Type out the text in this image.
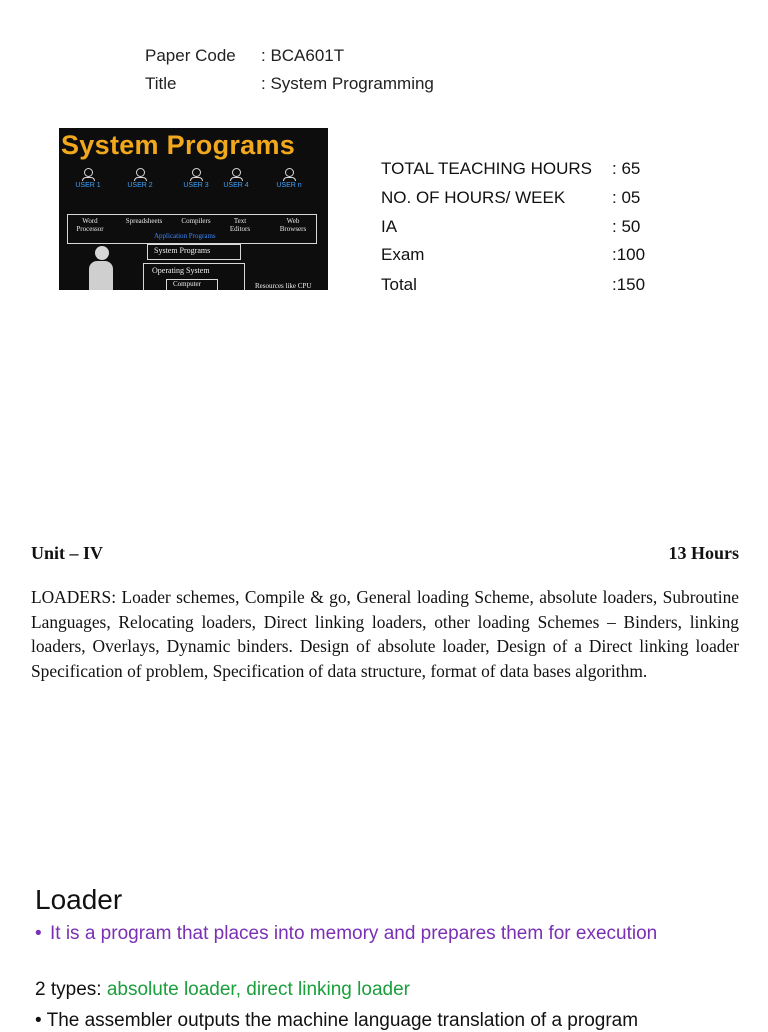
Paper Code : BCA601T
Title	: System Programming
System Programs
USER 1	USER 2	USER 3	USER 4	USER n
Word Processor
Spreadsheets	Compilers	Text Editors
Web Browsers
Application Programs
System Programs
Operating System
Computer	Resources like CPU
TOTAL TEACHING HOURS : 65
NO. OF HOURS/ WEEK	: 05
IA	: 50
Exam	:100
Total	:150
Unit – IV	13 Hours
LOADERS: Loader schemes, Compile & go, General loading Scheme, absolute loaders, Subroutine Languages, Relocating loaders, Direct linking loaders, other loading Schemes – Binders, linking loaders, Overlays, Dynamic binders. Design of absolute loader, Design of a Direct linking loader Specification of problem, Specification of data structure, format of data bases algorithm.
Loader
• It is a program that places into memory and prepares them for execution
2 types: absolute loader, direct linking loader
• The assembler outputs the machine language translation of a program
